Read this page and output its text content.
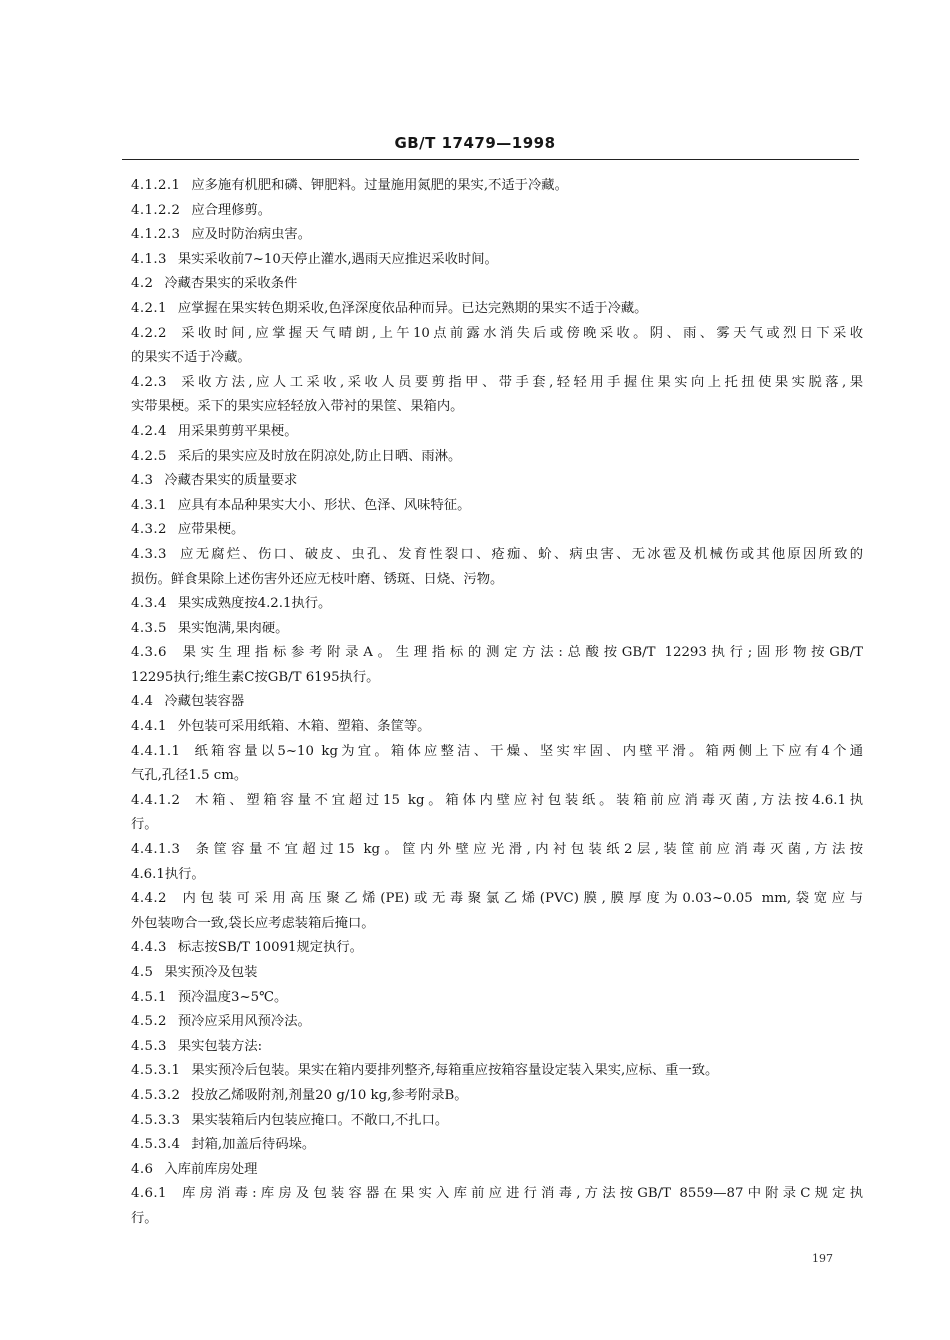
GB/T 17479—1998
4.1.2.1 应多施有机肥和磷、钾肥料。过量施用氮肥的果实,不适于冷藏。
4.1.2.2 应合理修剪。
4.1.2.3 应及时防治病虫害。
4.1.3 果实采收前7~10天停止灌水,遇雨天应推迟采收时间。
4.2 冷藏杏果实的采收条件
4.2.1 应掌握在果实转色期采收,色泽深度依品种而异。已达完熟期的果实不适于冷藏。
4.2.2 采收时间,应掌握天气晴朗,上午10点前露水消失后或傍晚采收。阴、雨、雾天气或烈日下采收
的果实不适于冷藏。
4.2.3 采收方法,应人工采收,采收人员要剪指甲、带手套,轻轻用手握住果实向上托扭使果实脱落,果
实带果梗。采下的果实应轻轻放入带衬的果筐、果箱内。
4.2.4 用采果剪剪平果梗。
4.2.5 采后的果实应及时放在阴凉处,防止日晒、雨淋。
4.3 冷藏杏果实的质量要求
4.3.1 应具有本品种果实大小、形状、色泽、风味特征。
4.3.2 应带果梗。
4.3.3 应无腐烂、伤口、破皮、虫孔、发育性裂口、疮痂、蚧、病虫害、无冰雹及机械伤或其他原因所致的
损伤。鲜食果除上述伤害外还应无枝叶磨、锈斑、日烧、污物。
4.3.4 果实成熟度按4.2.1执行。
4.3.5 果实饱满,果肉硬。
4.3.6 果实生理指标参考附录A。生理指标的测定方法:总酸按GB/T 12293执行;固形物按GB/T
12295执行;维生素C按GB/T 6195执行。
4.4 冷藏包装容器
4.4.1 外包装可采用纸箱、木箱、塑箱、条筐等。
4.4.1.1 纸箱容量以5~10 kg为宜。箱体应整洁、干燥、坚实牢固、内壁平滑。箱两侧上下应有4个通
气孔,孔径1.5 cm。
4.4.1.2 木箱、塑箱容量不宜超过15 kg。箱体内壁应衬包装纸。装箱前应消毒灭菌,方法按4.6.1执
行。
4.4.1.3 条筐容量不宜超过15 kg。筐内外壁应光滑,内衬包装纸2层,装筐前应消毒灭菌,方法按
4.6.1执行。
4.4.2 内包装可采用高压聚乙烯(PE)或无毒聚氯乙烯(PVC)膜,膜厚度为0.03~0.05 mm,袋宽应与
外包装吻合一致,袋长应考虑装箱后掩口。
4.4.3 标志按SB/T 10091规定执行。
4.5 果实预冷及包装
4.5.1 预冷温度3~5℃。
4.5.2 预冷应采用风预冷法。
4.5.3 果实包装方法:
4.5.3.1 果实预冷后包装。果实在箱内要排列整齐,每箱重应按箱容量设定装入果实,应标、重一致。
4.5.3.2 投放乙烯吸附剂,剂量20 g/10 kg,参考附录B。
4.5.3.3 果实装箱后内包装应掩口。不敞口,不扎口。
4.5.3.4 封箱,加盖后待码垛。
4.6 入库前库房处理
4.6.1 库房消毒:库房及包装容器在果实入库前应进行消毒,方法按GB/T 8559—87中附录C规定执
行。
197
